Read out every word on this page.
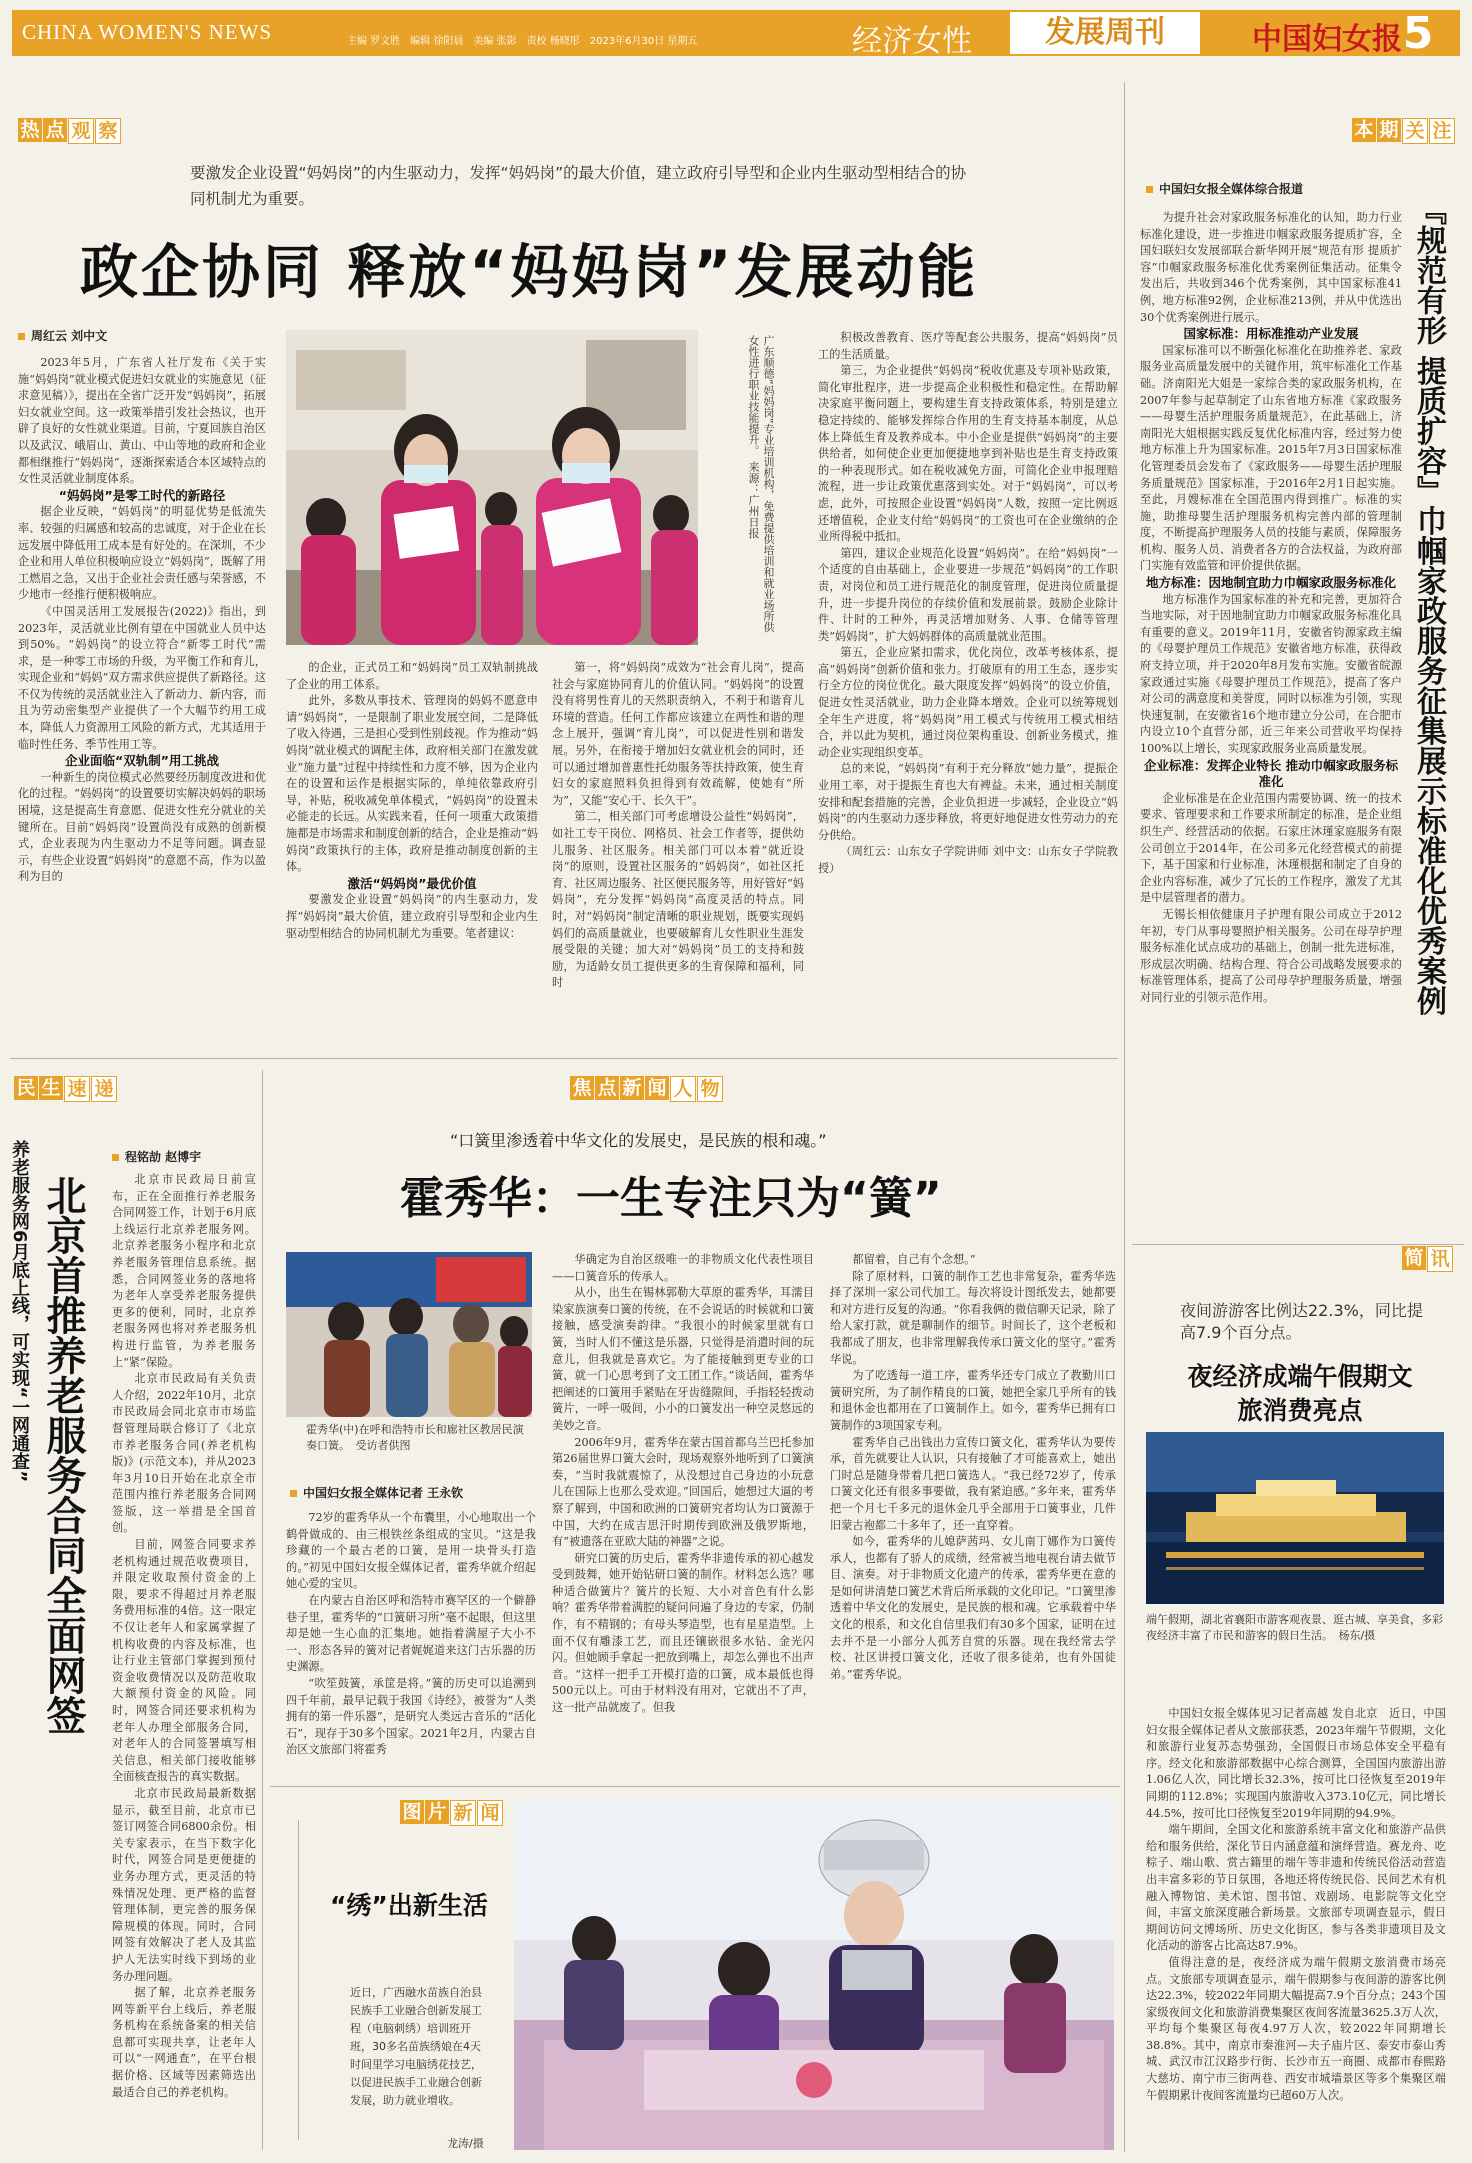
CHINA WOMEN'S NEWS	主编 罗文胜　编辑 徐阳晨　美编 张影　责校 杨晓彤　2023年6月30日 星期五	经济女性	发展周刊	中国妇女报 5
热 点 观 察
要激发企业设置“妈妈岗”的内生驱动力，发挥“妈妈岗”的最大价值，建立政府引导型和企业内生驱动型相结合的协同机制尤为重要。
政企协同 释放“妈妈岗”发展动能
周红云 刘中文	广东顺德“妈妈岗”专业培训机构，免费提供培训和就业场所供女性进行职业技能提升。　来源：广州日报

2023年5月，广东省人社厅发布《关于实施“妈妈岗”就业模式促进妇女就业的实施意见（征求意见稿）》，提出在全省广泛开发“妈妈岗”，拓展妇女就业空间。这一政策举措引发社会热议，也开辟了良好的女性就业渠道。目前，宁夏回族自治区以及武汉、峨眉山、黄山、中山等地的政府和企业都相继推行“妈妈岗”，逐渐探索适合本区域特点的女性灵活就业制度体系。

“妈妈岗”是零工时代的新路径

据企业反映，“妈妈岗”的明显优势是低流失率、较强的归属感和较高的忠诚度，对于企业在长远发展中降低用工成本是有好处的。在深圳，不少企业和用人单位积极响应设立“妈妈岗”，既解了用工燃眉之急，又出于企业社会责任感与荣誉感，不少地市一经推行便积极响应。

《中国灵活用工发展报告(2022)》指出，到2023年，灵活就业比例有望在中国就业人员中达到50%。“妈妈岗”的设立符合“新零工时代”需求，是一种零工市场的升级，为平衡工作和育儿，实现企业和“妈妈”双方需求供应提供了新路径。这不仅为传统的灵活就业注入了新动力、新内容，而且为劳动密集型产业提供了一个大幅节约用工成本，降低人力资源用工风险的新方式，尤其适用于临时性任务、季节性用工等。

企业面临“双轨制”用工挑战

一种新生的岗位模式必然要经历制度改进和优化的过程。“妈妈岗”的设置要切实解决妈妈的职场困境，这是提高生育意愿、促进女性充分就业的关键所在。目前“妈妈岗”设置尚没有成熟的创新模式，企业表现为内生驱动力不足等问题。调查显示，有些企业设置“妈妈岗”的意愿不高，作为以盈利为目的

的企业，正式员工和“妈妈岗”员工双轨制挑战了企业的用工体系。

此外，多数从事技术、管理岗的妈妈不愿意申请“妈妈岗”，一是限制了职业发展空间，二是降低了收入待遇，三是担心受到性别歧视。作为推动“妈妈岗”就业模式的调配主体，政府相关部门在激发就业“施力量”过程中持续性和力度不够，因为企业内在的设置和运作是根据实际的，单纯依靠政府引导，补贴，税收减免单体模式，“妈妈岗”的设置未必能走的长远。从实践来看，任何一项重大政策措施都是市场需求和制度创新的结合，企业是推动“妈妈岗”政策执行的主体，政府是推动制度创新的主体。

激活“妈妈岗”最优价值

要激发企业设置“妈妈岗”的内生驱动力，发挥“妈妈岗”最大价值，建立政府引导型和企业内生驱动型相结合的协同机制尤为重要。笔者建议：

第一，将“妈妈岗”成效为“社会育儿岗”，提高社会与家庭协同育儿的价值认同。“妈妈岗”的设置没有将男性育儿的天然职责纳入，不利于和谐育儿环境的营造。任何工作都应该建立在两性和谐的理念上展开，强调“育儿岗”，可以促进性别和谐发展。另外，在衔接于增加妇女就业机会的同时，还可以通过增加普惠性托幼服务等扶持政策，使生育妇女的家庭照料负担得到有效疏解，使她有“所为”，又能“安心干、长久干”。

第二，相关部门可考虑增设公益性“妈妈岗”，如社工专干岗位、网格员、社会工作者等，提供幼儿服务、社区服务。相关部门可以本着“就近设岗”的原则，设置社区服务的“妈妈岗”，如社区托育、社区周边服务、社区便民服务等，用好管好“妈妈岗”，充分发挥“妈妈岗”高度灵活的特点。同时，对“妈妈岗”制定清晰的职业规划，既要实现妈妈们的高质量就业，也要破解育儿女性职业生涯发展受限的关键；加大对“妈妈岗”员工的支持和鼓励，为适龄女员工提供更多的生育保障和福利，同时

积极改善教育、医疗等配套公共服务，提高“妈妈岗”员工的生活质量。

第三，为企业提供“妈妈岗”税收优惠及专项补贴政策，简化审批程序，进一步提高企业积极性和稳定性。在帮助解决家庭平衡问题上，要构建生育支持政策体系，特别是建立稳定持续的、能够发挥综合作用的生育支持基本制度，从总体上降低生育及教养成本。中小企业是提供“妈妈岗”的主要供给者，如何使企业更加便捷地享到补贴也是生育支持政策的一种表现形式。如在税收减免方面，可简化企业申报理赔流程，进一步让政策优惠落到实处。对于“妈妈岗”，可以考虑，此外，可按照企业设置“妈妈岗”人数，按照一定比例返还增值税，企业支付给“妈妈岗”的工资也可在企业缴纳的企业所得税中抵扣。

第四，建议企业规范化设置“妈妈岗”。在给“妈妈岗”一个适度的自由基础上，企业要进一步规范“妈妈岗”的工作职责，对岗位和员工进行规范化的制度管理，促进岗位质量提升，进一步提升岗位的存续价值和发展前景。鼓励企业除计件、计时的工种外，再灵活增加财务、人事、仓储等管理类“妈妈岗”，扩大妈妈群体的高质量就业范围。

第五，企业应紧扣需求，优化岗位，改革考核体系，提高“妈妈岗”创新价值和张力。打破原有的用工生态，逐步实行全方位的岗位优化。最大限度发挥“妈妈岗”的设立价值，促进女性灵活就业，助力企业降本增效。企业可以统筹规划全年生产进度，将“妈妈岗”用工模式与传统用工模式相结合，并以此为契机，通过岗位架构重设、创新业务模式，推动企业实现组织变革。

总的来说，“妈妈岗”有利于充分释放“她力量”，提振企业用工率，对于提振生育也大有裨益。未来，通过相关制度安排和配套措施的完善，企业负担进一步减轻，企业设立“妈妈岗”的内生驱动力逐步释放，将更好地促进女性劳动力的充分供给。

（周红云：山东女子学院讲师 刘中文：山东女子学院教授）

本 期 关 注
中国妇女报全媒体综合报道
『规范有形 提质扩容』巾帼家政服务征集展示标准化优秀案例

为提升社会对家政服务标准化的认知，助力行业标准化建设，进一步推进巾帼家政服务提质扩容，全国妇联妇女发展部联合新华网开展“规范有形 提质扩容”巾帼家政服务标准化优秀案例征集活动。征集令发出后，共收到346个优秀案例，其中国家标准41例，地方标准92例，企业标准213例，并从中优选出30个优秀案例进行展示。

国家标准：用标准推动产业发展

国家标准可以不断强化标准化在助推养老、家政服务业高质量发展中的关键作用，筑牢标准化工作基础。济南阳光大姐是一家综合类的家政服务机构，在2007年参与起草制定了山东省地方标准《家政服务——母婴生活护理服务质量规范》，在此基础上，济南阳光大姐根据实践反复优化标准内容，经过努力使地方标准上升为国家标准。2015年7月3日国家标准化管理委员会发布了《家政服务——母婴生活护理服务质量规范》国家标准，于2016年2月1日起实施。至此，月嫂标准在全国范围内得到推广。标准的实施，助推母婴生活护理服务机构完善内部的管理制度，不断提高护理服务人员的技能与素质，保障服务机构、服务人员、消费者各方的合法权益，为政府部门实施有效监管和评价提供依据。

地方标准：因地制宜助力巾帼家政服务标准化

地方标准作为国家标准的补充和完善，更加符合当地实际，对于因地制宜助力巾帼家政服务标准化具有重要的意义。2019年11月，安徽省钧源家政主编的《母婴护理员工作规范》安徽省地方标准，获得政府支持立项，并于2020年8月发布实施。安徽省皖源家政通过实施《母婴护理员工作规范》，提高了客户对公司的满意度和美誉度，同时以标准为引领，实现快速复制，在安徽省16个地市建立分公司，在合肥市内设立10个直营分部，近三年来公司营收平均保持100%以上增长，实现家政服务业高质量发展。

企业标准：发挥企业特长 推动巾帼家政服务标准化

企业标准是在企业范围内需要协调、统一的技术要求、管理要求和工作要求所制定的标准，是企业组织生产、经营活动的依据。石家庄沐瑾家庭服务有限公司创立于2014年，在公司多元化经营模式的前提下，基于国家和行业标准，沐瑾根据和制定了自身的企业内容标准，减少了冗长的工作程序，激发了尤其是中层管理者的潜力。

无锡长相依健康月子护理有限公司成立于2012年初，专门从事母婴照护相关服务。公司在母孕护理服务标准化试点成功的基础上，创制一批先进标准，形成层次明确、结构合理、符合公司战略发展要求的标准管理体系，提高了公司母孕护理服务质量，增强对同行业的引领示范作用。

民 生 速 递
养老服务网6月底上线，可实现“一网通查” 北京首推养老服务合同全面网签
程铭劼 赵博宇

北京市民政局日前宣布，正在全面推行养老服务合同网签工作，计划于6月底上线运行北京养老服务网。北京养老服务小程序和北京养老服务管理信息系统。据悉，合同网签业务的落地将为老年人享受养老服务提供更多的便利，同时，北京养老服务网也将对养老服务机构进行监管，为养老服务上“紧”保险。

北京市民政局有关负责人介绍，2022年10月，北京市民政局会同北京市市场监督管理局联合修订了《北京市养老服务合同(养老机构版)》(示范文本)，并从2023年3月10日开始在北京全市范围内推行养老服务合同网签版，这一举措是全国首创。

目前，网签合同要求养老机构通过规范收费项目，并限定收取预付资金的上限，要求不得超过月养老服务费用标准的4倍。这一限定不仅让老年人和家属掌握了机构收费的内容及标准，也让行业主管部门掌握到预付资金收费情况以及防范收取大额预付资金的风险。同时，网签合同还要求机构为老年人办理全部服务合同，对老年人的合同签署填写相关信息，相关部门接收能够全面核查报告的真实数据。

北京市民政局最新数据显示，截至目前，北京市已签订网签合同6800余份。相关专家表示，在当下数字化时代，网签合同是更便捷的业务办理方式，更灵活的特殊情况处理、更严格的监督管理体制，更完善的服务保障规模的体现。同时，合同网签有效解决了老人及其监护人无法实时线下到场的业务办理问题。

据了解，北京养老服务网等新平台上线后，养老服务机构在系统备案的相关信息都可实现共享，让老年人可以“一网通查”，在平台根据价格、区域等因素筛选出最适合自己的养老机构。

焦 点 新 闻 人 物
“口簧里渗透着中华文化的发展史，是民族的根和魂。”
霍秀华：一生专注只为“簧”
霍秀华(中)在呼和浩特市长和廊社区教居民演奏口簧。　受访者供图
中国妇女报全媒体记者 王永钦

72岁的霍秀华从一个布囊里，小心地取出一个鹤骨做成的、由三根铁丝条组成的宝贝。“这是我珍藏的一个最古老的口簧，是用一块骨头打造的。”初见中国妇女报全媒体记者，霍秀华就介绍起她心爱的宝贝。

在内蒙古自治区呼和浩特市赛罕区的一个僻静巷子里，霍秀华的“口簧研习所”毫不起眼，但这里却是她一生心血的汇集地。她指着满屋子大小不一、形态各异的簧对记者娓娓道来这门古乐器的历史渊源。

“吹笙鼓簧，承筐是将。”簧的历史可以追溯到四千年前，最早记载于我国《诗经》，被誉为“人类拥有的第一件乐器”，是研究人类远古音乐的“活化石”，现存于30多个国家。2021年2月，内蒙古自治区文旅部门将霍秀

华确定为自治区级唯一的非物质文化代表性项目——口簧音乐的传承人。

从小，出生在锡林郭勒大草原的霍秀华，耳濡目染家族演奏口簧的传统，在不会说话的时候就和口簧接触，感受演奏韵律。“我很小的时候家里就有口簧，当时人们不懂这是乐器，只觉得是消遣时间的玩意儿，但我就是喜欢它。为了能接触到更专业的口簧，就一门心思考到了文工团工作。”谈话间，霍秀华把阐述的口簧用手紧贴在牙齿缝隙间，手指轻轻拨动簧片，一呼一吸间，小小的口簧发出一种空灵悠远的美妙之音。

2006年9月，霍秀华在蒙古国首都乌兰巴托参加第26届世界口簧大会时，现场观察外地听到了口簧演奏，“当时我就震惊了，从没想过自己身边的小玩意儿在国际上也那么受欢迎。”回国后，她想过大逼的考察了解到，中国和欧洲的口簧研究者均认为口簧源于中国，大约在成吉思汗时期传到欧洲及俄罗斯地，有“被遗落在亚欧大陆的神器”之说。

研究口簧的历史后，霍秀华非遗传承的初心越发受到鼓舞，她开始钻研口簧的制作。材料怎么选？哪种适合做簧片？簧片的长短、大小对音色有什么影响？霍秀华带着满腔的疑问问遍了身边的专家，仍制作，有不精钢的；有母头琴造型，也有星星造型。上面不仅有雕漆工艺，而且还镶嵌很多水钻、金光闪闪。但她顾手拿起一把放到嘴上，却怎么弹也不出声音。“这样一把手工开模打造的口簧，成本最低也得500元以上。可由于材料没有用对，它就出不了声，这一批产品就废了。但我

都留着，自己有个念想。”

除了原材料，口簧的制作工艺也非常复杂，霍秀华选择了深圳一家公司代加工。每次将设计图纸发去，她都要和对方进行反复的沟通。“你看我俩的微信聊天记录，除了给人家打款，就是聊制作的细节。时间长了，这个老板和我都成了朋友，也非常理解我传承口簧文化的坚守。”霍秀华说。

为了吃透每一道工序，霍秀华还专门成立了教勤川口簧研究所，为了制作精良的口簧，她把全家几乎所有的钱和退休金也都用在了口簧制作上。如今，霍秀华已拥有口簧制作的3项国家专利。

霍秀华自己出钱出力宣传口簧文化，霍秀华认为要传承，首先就要让人认识，只有接触了才可能喜欢上，她出门时总是随身带着几把口簧选人。“我已经72岁了，传承口簧文化还有很多事要做，我有紧迫感。”多年来，霍秀华把一个月七千多元的退休金几乎全部用于口簧事业，几件旧蒙古袍都二十多年了，还一直穿着。

如今，霍秀华的儿媳萨茜玛、女儿南丁娜作为口簧传承人，也都有了骄人的成绩，经常被当地电视台请去做节目、演奏。对于非物质文化遗产的传承，霍秀华更在意的是如何讲清楚口簧艺术背后所承载的文化印记。“口簧里渗透着中华文化的发展史，是民族的根和魂。它承载着中华文化的根系，和文化自信里我们有30多个国家，证明在过去并不是一小部分人孤芳自赏的乐器。现在我经常去学校、社区讲授口簧文化，还收了很多徒弟，也有外国徒弟。”霍秀华说。

图 片 新 闻
“绣”出新生活
近日，广西融水苗族自治县民族手工业融合创新发展工程（电脑刺绣）培训班开班，30多名苗族绣娘在4天时间里学习电脑绣花技艺，以促进民族手工业融合创新发展，助力就业增收。
龙涛/摄
简 讯
夜间游游客比例达22.3%，同比提高7.9个百分点。
夜经济成端午假期文旅消费亮点
端午假期，湖北省襄阳市游客观夜景、逛古城、享美食，多彩夜经济丰富了市民和游客的假日生活。　杨东/摄

中国妇女报全媒体见习记者高越 发自北京　近日，中国妇女报全媒体记者从文旅部获悉，2023年端午节假期，文化和旅游行业复苏态势强劲，全国假日市场总体安全平稳有序。经文化和旅游部数据中心综合测算，全国国内旅游出游1.06亿人次，同比增长32.3%，按可比口径恢复至2019年同期的112.8%；实现国内旅游收入373.10亿元，同比增长44.5%，按可比口径恢复至2019年同期的94.9%。

端午期间，全国文化和旅游系统丰富文化和旅游产品供给和服务供给，深化节日内涵意蕴和演绎营造。赛龙舟、吃粽子、端山歌、赏古籍里的端午等非遗和传统民俗活动营造出丰富多彩的节日氛围，各地还将传统民俗、民间艺术有机融入博物馆、美术馆、图书馆、戏剧场、电影院等文化空间，丰富文旅深度融合新场景。文旅部专项调查显示，假日期间访问文博场所、历史文化街区，参与各类非遗项目及文化活动的游客占比高达87.9%。

值得注意的是，夜经济成为端午假期文旅消费市场亮点。文旅部专项调查显示，端午假期参与夜间游的游客比例达22.3%，较2022年同期大幅提高7.9个百分点；243个国家级夜间文化和旅游消费集聚区夜间客流量3625.3万人次，平均每个集聚区每夜4.97万人次，较2022年同期增长38.8%。其中，南京市秦淮河—夫子庙片区、泰安市泰山秀城、武汉市江汉路步行街、长沙市五一商圈、成都市春熙路大慈坊、南宁市三街两巷、西安市城墙景区等多个集聚区端午假期累计夜间客流量均已超60万人次。
